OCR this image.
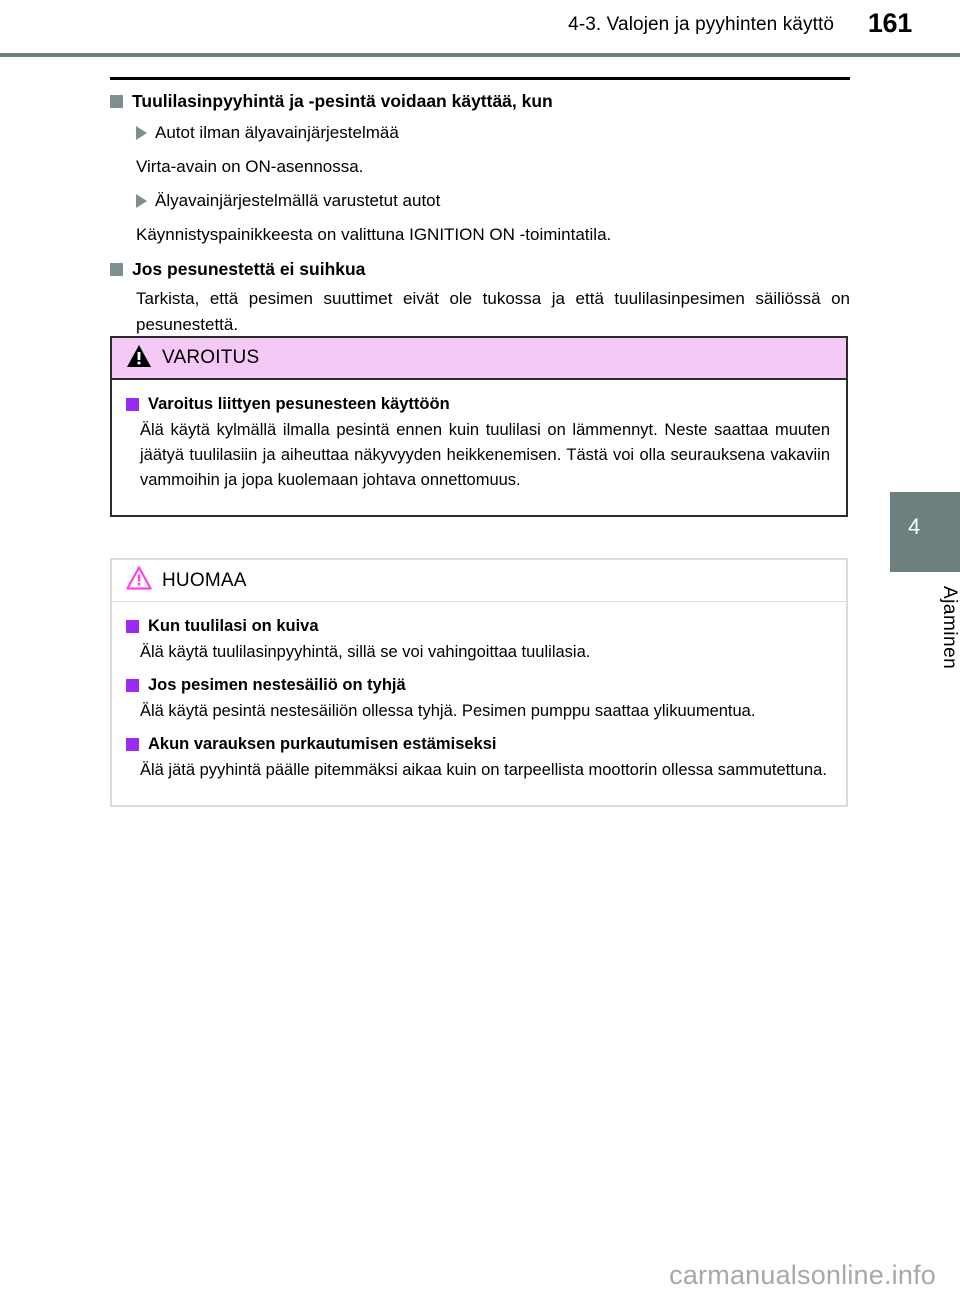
4-3. Valojen ja pyyhinten käyttö 161
Tuulilasinpyyhintä ja -pesintä voidaan käyttää, kun
Autot ilman älyavainjärjestelmää
Virta-avain on ON-asennossa.
Älyavainjärjestelmällä varustetut autot
Käynnistyspainikkeesta on valittuna IGNITION ON -toimintatila.
Jos pesunestettä ei suihkua
Tarkista, että pesimen suuttimet eivät ole tukossa ja että tuulilasinpesimen säiliössä on pesunestettä.
VAROITUS
Varoitus liittyen pesunesteen käyttöön
Älä käytä kylmällä ilmalla pesintä ennen kuin tuulilasi on lämmennyt. Neste saattaa muuten jäätyä tuulilasiin ja aiheuttaa näkyvyyden heikkenemisen. Tästä voi olla seurauksena vakaviin vammoihin ja jopa kuolemaan johtava onnettomuus.
HUOMAA
Kun tuulilasi on kuiva
Älä käytä tuulilasinpyyhintä, sillä se voi vahingoittaa tuulilasia.
Jos pesimen nestesäiliö on tyhjä
Älä käytä pesintä nestesäiliön ollessa tyhjä. Pesimen pumppu saattaa ylikuumentua.
Akun varauksen purkautumisen estämiseksi
Älä jätä pyyhintä päälle pitemmäksi aikaa kuin on tarpeellista moottorin ollessa sammutettuna.
4
Ajaminen
carmanualsonline.info
